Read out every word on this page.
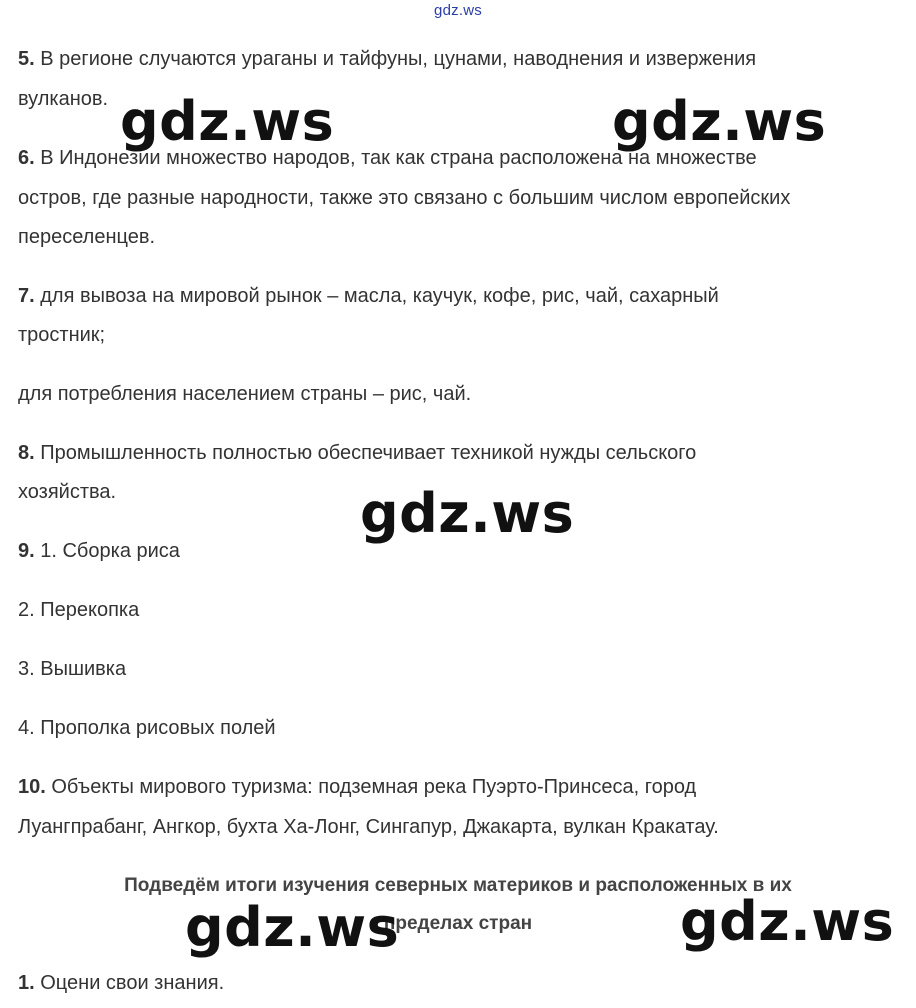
gdz.ws
5. В регионе случаются ураганы и тайфуны, цунами, наводнения и извержения
вулканов.
6. В Индонезии множество народов, так как страна расположена на множестве
остров, где разные народности, также это связано с большим числом европейских
переселенцев.
7. для вывоза на мировой рынок – масла, каучук, кофе, рис, чай, сахарный
тростник;
для потребления населением страны – рис, чай.
8. Промышленность полностью обеспечивает техникой нужды сельского
хозяйства.
9. 1. Сборка риса
2. Перекопка
3. Вышивка
4. Прополка рисовых полей
10. Объекты мирового туризма: подземная река Пуэрто-Принсеса, город
Луангпрабанг, Ангкор, бухта Ха-Лонг, Сингапур, Джакарта, вулкан Кракатау.
Подведём итоги изучения северных материков и расположенных в их
пределах стран
1. Оцени свои знания.
gdz.ws	gdz.ws
gdz.ws
gdz.ws	gdz.ws
